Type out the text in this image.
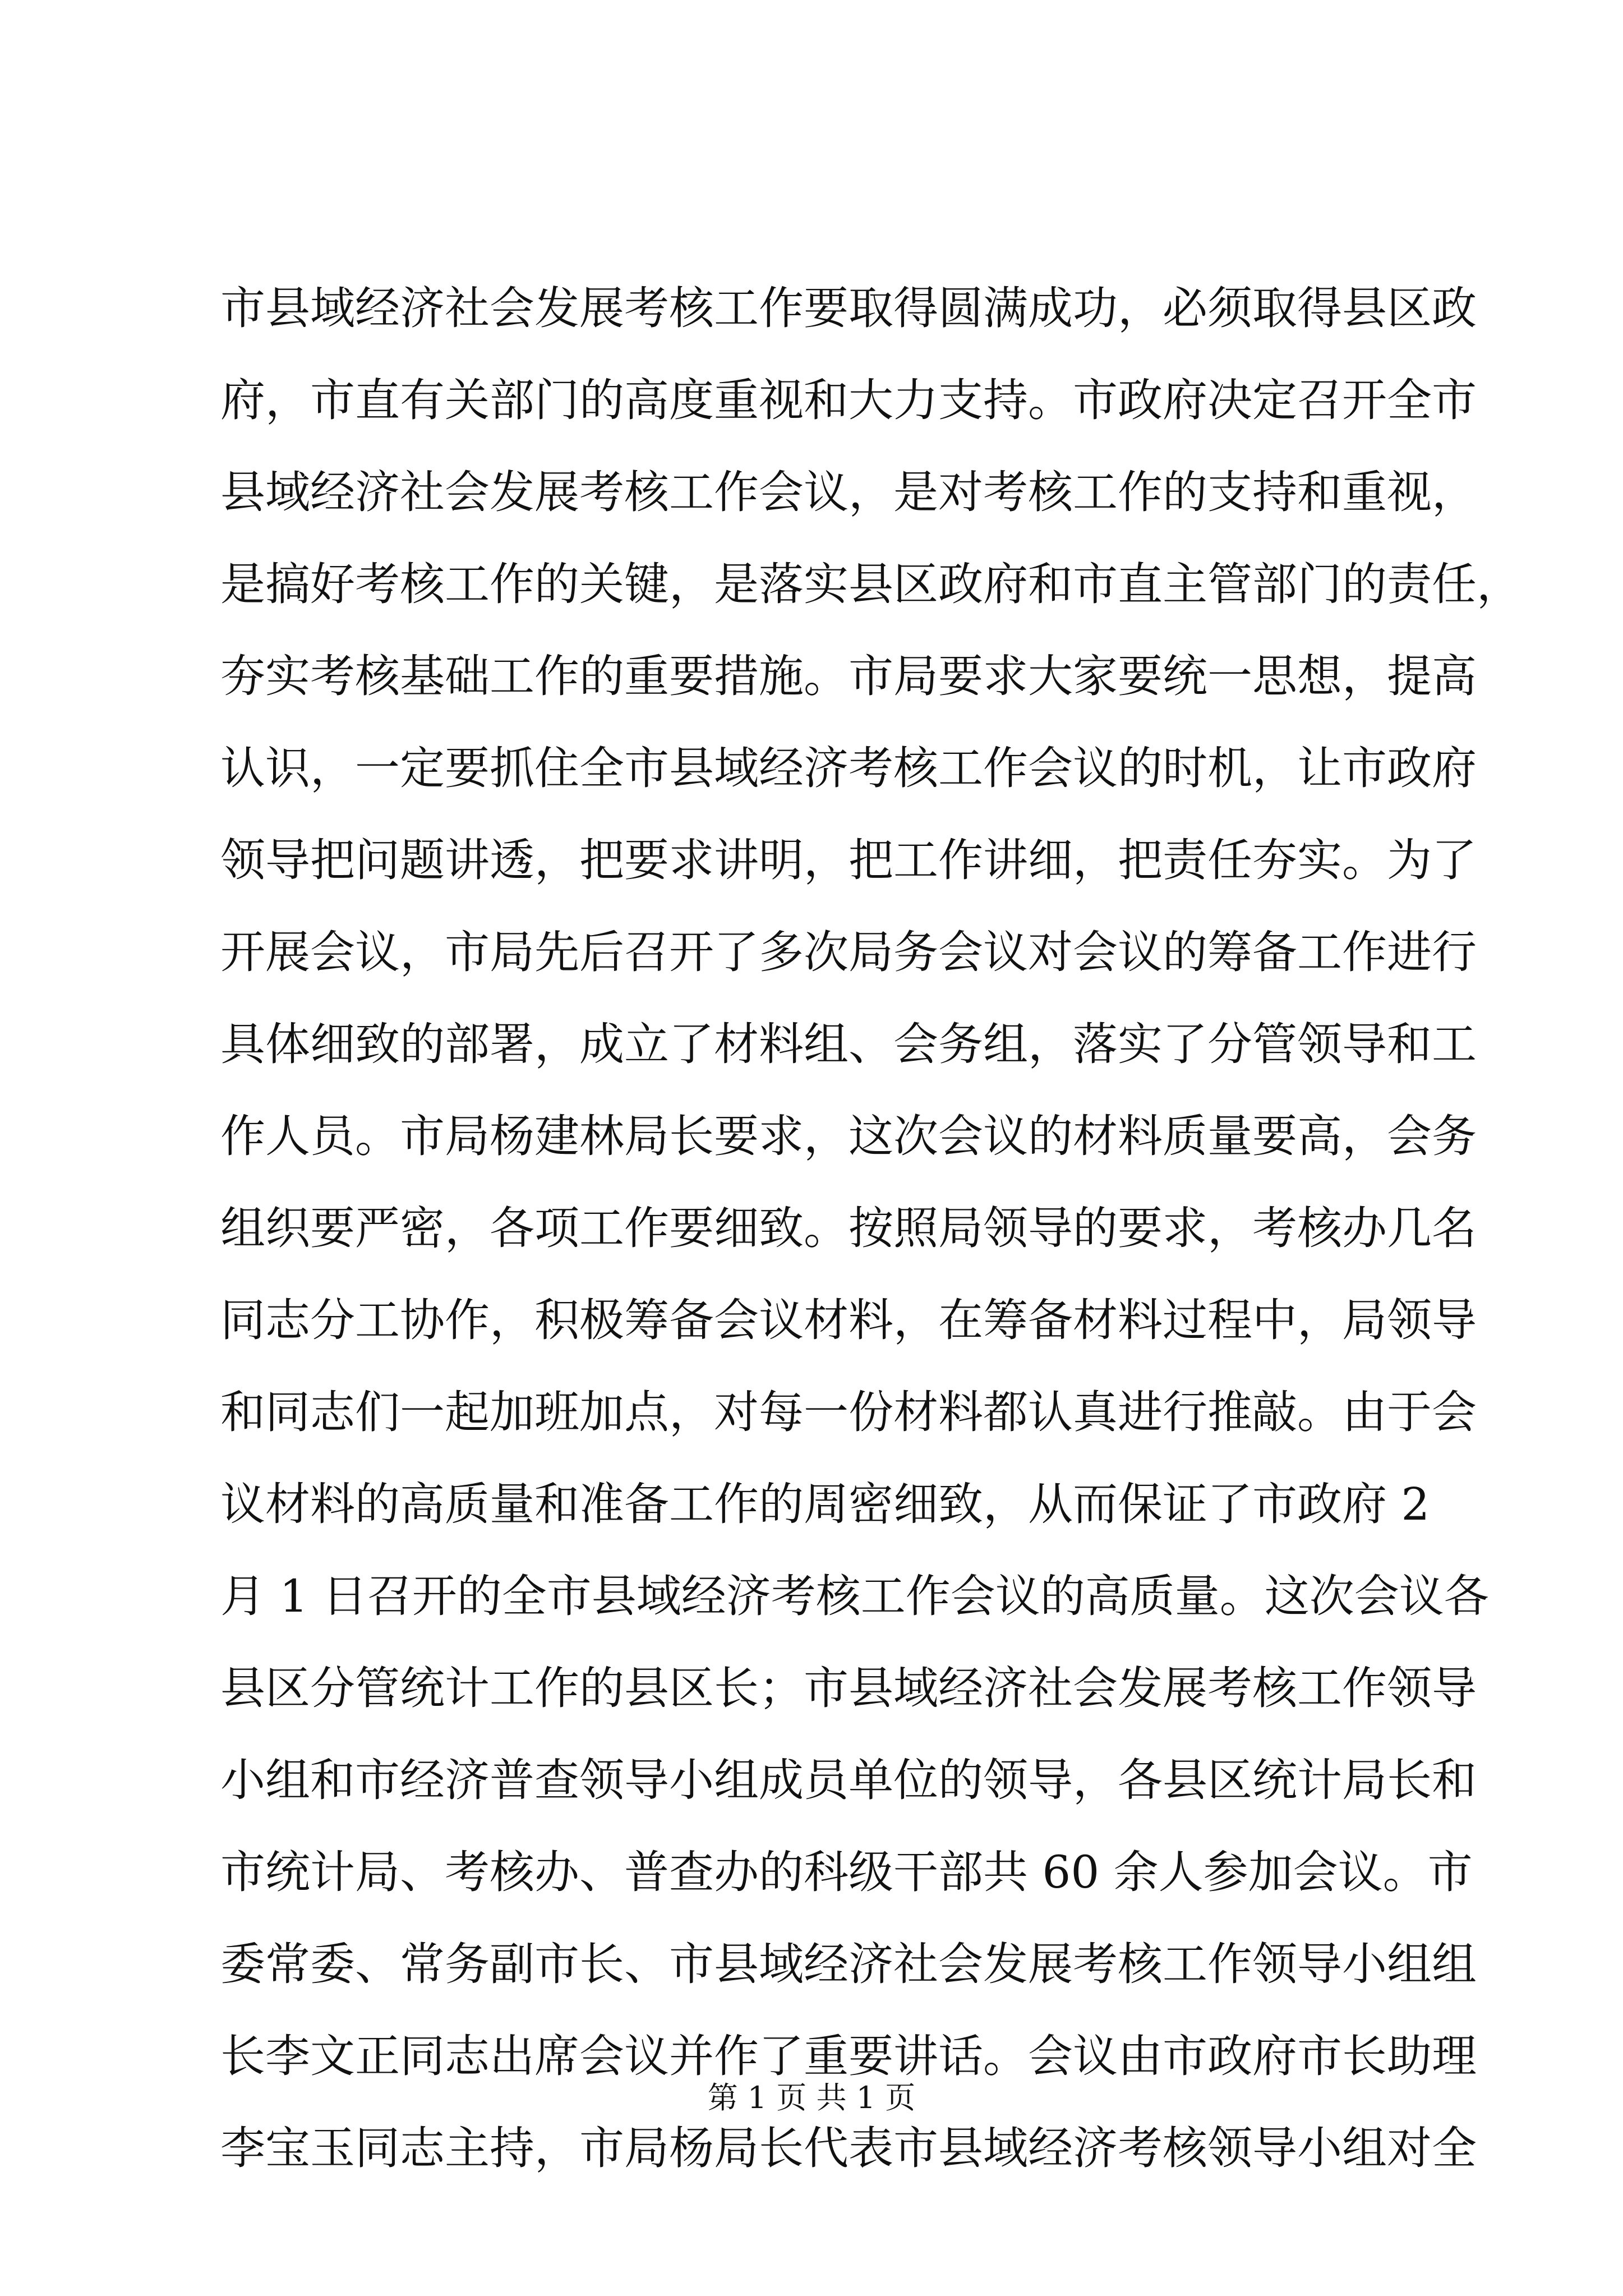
市县域经济社会发展考核工作要取得圆满成功，必须取得县区政
府，市直有关部门的高度重视和大力支持。市政府决定召开全市
县域经济社会发展考核工作会议，是对考核工作的支持和重视，
是搞好考核工作的关键，是落实县区政府和市直主管部门的责任，
夯实考核基础工作的重要措施。市局要求大家要统一思想，提高
认识，一定要抓住全市县域经济考核工作会议的时机，让市政府
领导把问题讲透，把要求讲明，把工作讲细，把责任夯实。为了
开展会议，市局先后召开了多次局务会议对会议的筹备工作进行
具体细致的部署，成立了材料组、会务组，落实了分管领导和工
作人员。市局杨建林局长要求，这次会议的材料质量要高，会务
组织要严密，各项工作要细致。按照局领导的要求，考核办几名
同志分工协作，积极筹备会议材料，在筹备材料过程中，局领导
和同志们一起加班加点，对每一份材料都认真进行推敲。由于会
议材料的高质量和准备工作的周密细致，从而保证了市政府 2
月 1 日召开的全市县域经济考核工作会议的高质量。这次会议各
县区分管统计工作的县区长；市县域经济社会发展考核工作领导
小组和市经济普查领导小组成员单位的领导，各县区统计局长和
市统计局、考核办、普查办的科级干部共 60 余人参加会议。市
委常委、常务副市长、市县域经济社会发展考核工作领导小组组
长李文正同志出席会议并作了重要讲话。会议由市政府市长助理
李宝玉同志主持，市局杨局长代表市县域经济考核领导小组对全
第 1 页 共 1 页
